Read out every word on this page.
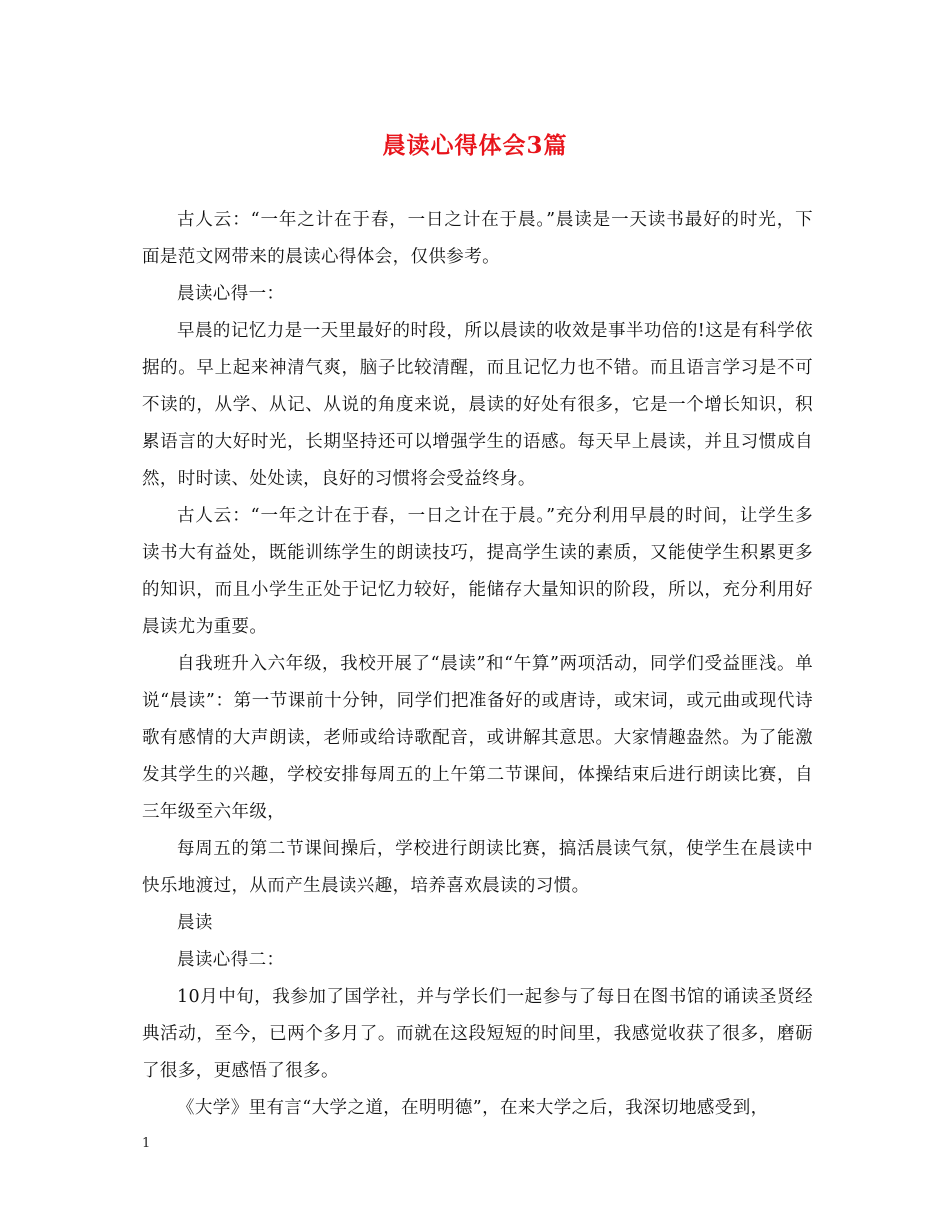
晨读心得体会3篇

古人云：“一年之计在于春，一日之计在于晨。”晨读是一天读书最好的时光，下面是范文网带来的晨读心得体会，仅供参考。

晨读心得一：

早晨的记忆力是一天里最好的时段，所以晨读的收效是事半功倍的!这是有科学依据的。早上起来神清气爽，脑子比较清醒，而且记忆力也不错。而且语言学习是不可不读的，从学、从记、从说的角度来说，晨读的好处有很多，它是一个增长知识，积累语言的大好时光，长期坚持还可以增强学生的语感。每天早上晨读，并且习惯成自然，时时读、处处读，良好的习惯将会受益终身。

古人云：“一年之计在于春，一日之计在于晨。”充分利用早晨的时间，让学生多读书大有益处，既能训练学生的朗读技巧，提高学生读的素质，又能使学生积累更多的知识，而且小学生正处于记忆力较好，能储存大量知识的阶段，所以，充分利用好晨读尤为重要。

自我班升入六年级，我校开展了“晨读”和“午算”两项活动，同学们受益匪浅。单说“晨读”：第一节课前十分钟，同学们把准备好的或唐诗，或宋词，或元曲或现代诗歌有感情的大声朗读，老师或给诗歌配音，或讲解其意思。大家情趣盎然。为了能激发其学生的兴趣，学校安排每周五的上午第二节课间，体操结束后进行朗读比赛，自三年级至六年级，

每周五的第二节课间操后，学校进行朗读比赛，搞活晨读气氛，使学生在晨读中快乐地渡过，从而产生晨读兴趣，培养喜欢晨读的习惯。

晨读

晨读心得二：

10月中旬，我参加了国学社，并与学长们一起参与了每日在图书馆的诵读圣贤经典活动，至今，已两个多月了。而就在这段短短的时间里，我感觉收获了很多，磨砺了很多，更感悟了很多。

《大学》里有言“大学之道，在明明德”，在来大学之后，我深切地感受到，

1
